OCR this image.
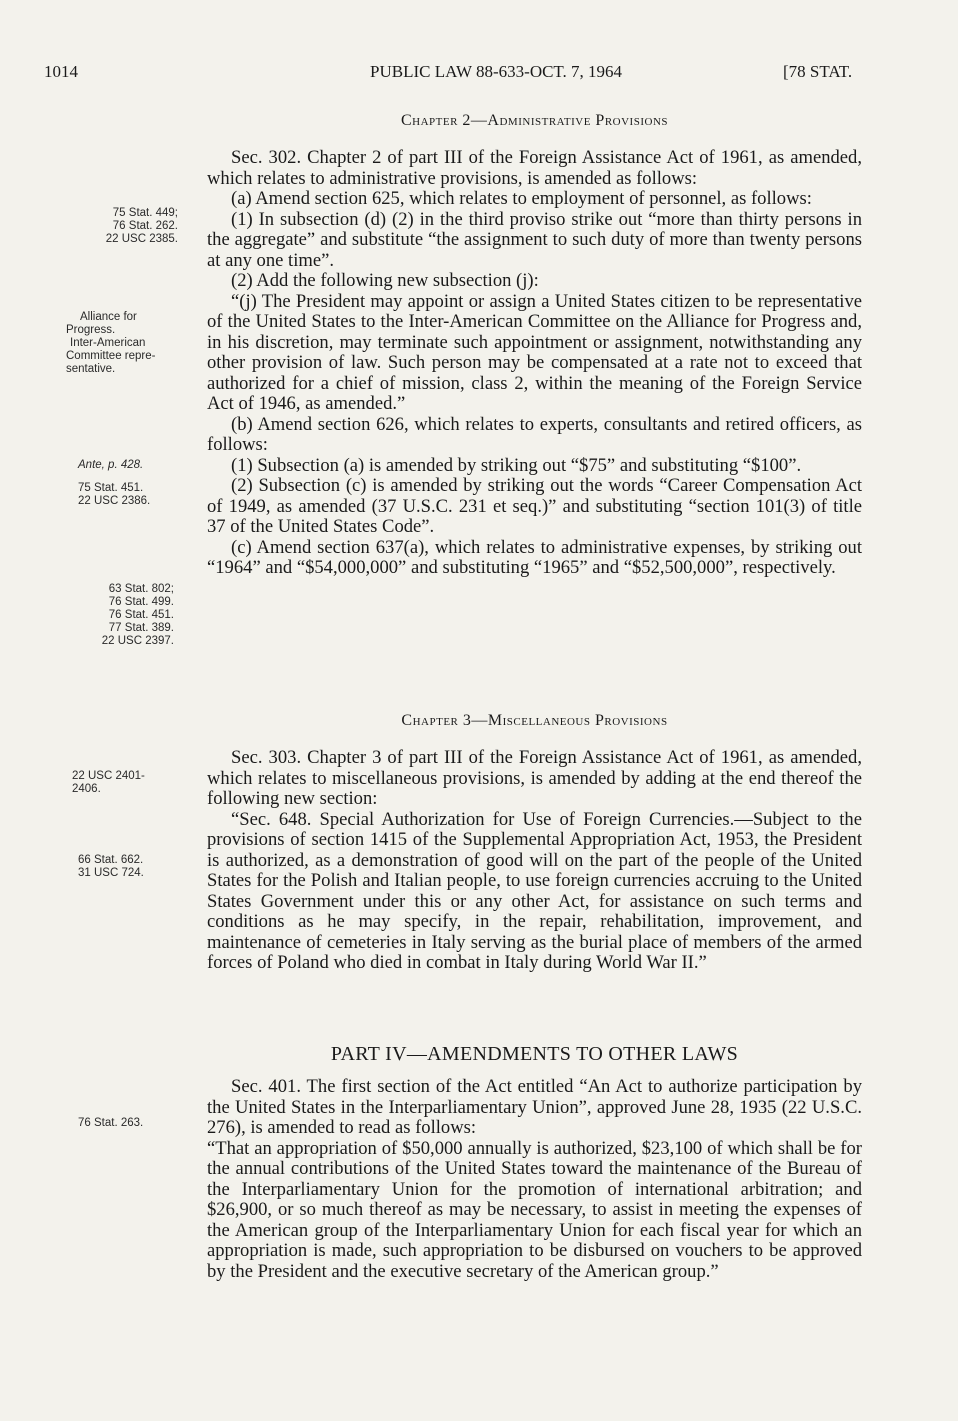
1014	PUBLIC LAW 88-633-OCT. 7, 1964	[78 STAT.
75 Stat. 449;
76 Stat. 262.
22 USC 2385.
Alliance for
Progress.
Inter-American
Committee repre-
sentative.
Ante, p. 428.
75 Stat. 451.
22 USC 2386.
63 Stat. 802;
76 Stat. 499.
76 Stat. 451.
77 Stat. 389.
22 USC 2397.
22 USC 2401-
2406.
66 Stat. 662.
31 USC 724.
76 Stat. 263.
Chapter 2—Administrative Provisions

Sec. 302. Chapter 2 of part III of the Foreign Assistance Act of 1961, as amended, which relates to administrative provisions, is amended as follows:

(a) Amend section 625, which relates to employment of personnel, as follows:

(1) In subsection (d) (2) in the third proviso strike out “more than thirty persons in the aggregate” and substitute “the assignment to such duty of more than twenty persons at any one time”.

(2) Add the following new subsection (j):

“(j) The President may appoint or assign a United States citizen to be representative of the United States to the Inter-American Committee on the Alliance for Progress and, in his discretion, may terminate such appointment or assignment, notwithstanding any other provision of law. Such person may be compensated at a rate not to exceed that authorized for a chief of mission, class 2, within the meaning of the Foreign Service Act of 1946, as amended.”

(b) Amend section 626, which relates to experts, consultants and retired officers, as follows:

(1) Subsection (a) is amended by striking out “$75” and substituting “$100”.

(2) Subsection (c) is amended by striking out the words “Career Compensation Act of 1949, as amended (37 U.S.C. 231 et seq.)” and substituting “section 101(3) of title 37 of the United States Code”.

(c) Amend section 637(a), which relates to administrative expenses, by striking out “1964” and “$54,000,000” and substituting “1965” and “$52,500,000”, respectively.

Chapter 3—Miscellaneous Provisions

Sec. 303. Chapter 3 of part III of the Foreign Assistance Act of 1961, as amended, which relates to miscellaneous provisions, is amended by adding at the end thereof the following new section:

“Sec. 648. Special Authorization for Use of Foreign Currencies.—Subject to the provisions of section 1415 of the Supplemental Appropriation Act, 1953, the President is authorized, as a demonstration of good will on the part of the people of the United States for the Polish and Italian people, to use foreign currencies accruing to the United States Government under this or any other Act, for assistance on such terms and conditions as he may specify, in the repair, rehabilitation, improvement, and maintenance of cemeteries in Italy serving as the burial place of members of the armed forces of Poland who died in combat in Italy during World War II.”

PART IV—AMENDMENTS TO OTHER LAWS

Sec. 401. The first section of the Act entitled “An Act to authorize participation by the United States in the Interparliamentary Union”, approved June 28, 1935 (22 U.S.C. 276), is amended to read as follows:

“That an appropriation of $50,000 annually is authorized, $23,100 of which shall be for the annual contributions of the United States toward the maintenance of the Bureau of the Interparliamentary Union for the promotion of international arbitration; and $26,900, or so much thereof as may be necessary, to assist in meeting the expenses of the American group of the Interparliamentary Union for each fiscal year for which an appropriation is made, such appropriation to be disbursed on vouchers to be approved by the President and the executive secretary of the American group.”
